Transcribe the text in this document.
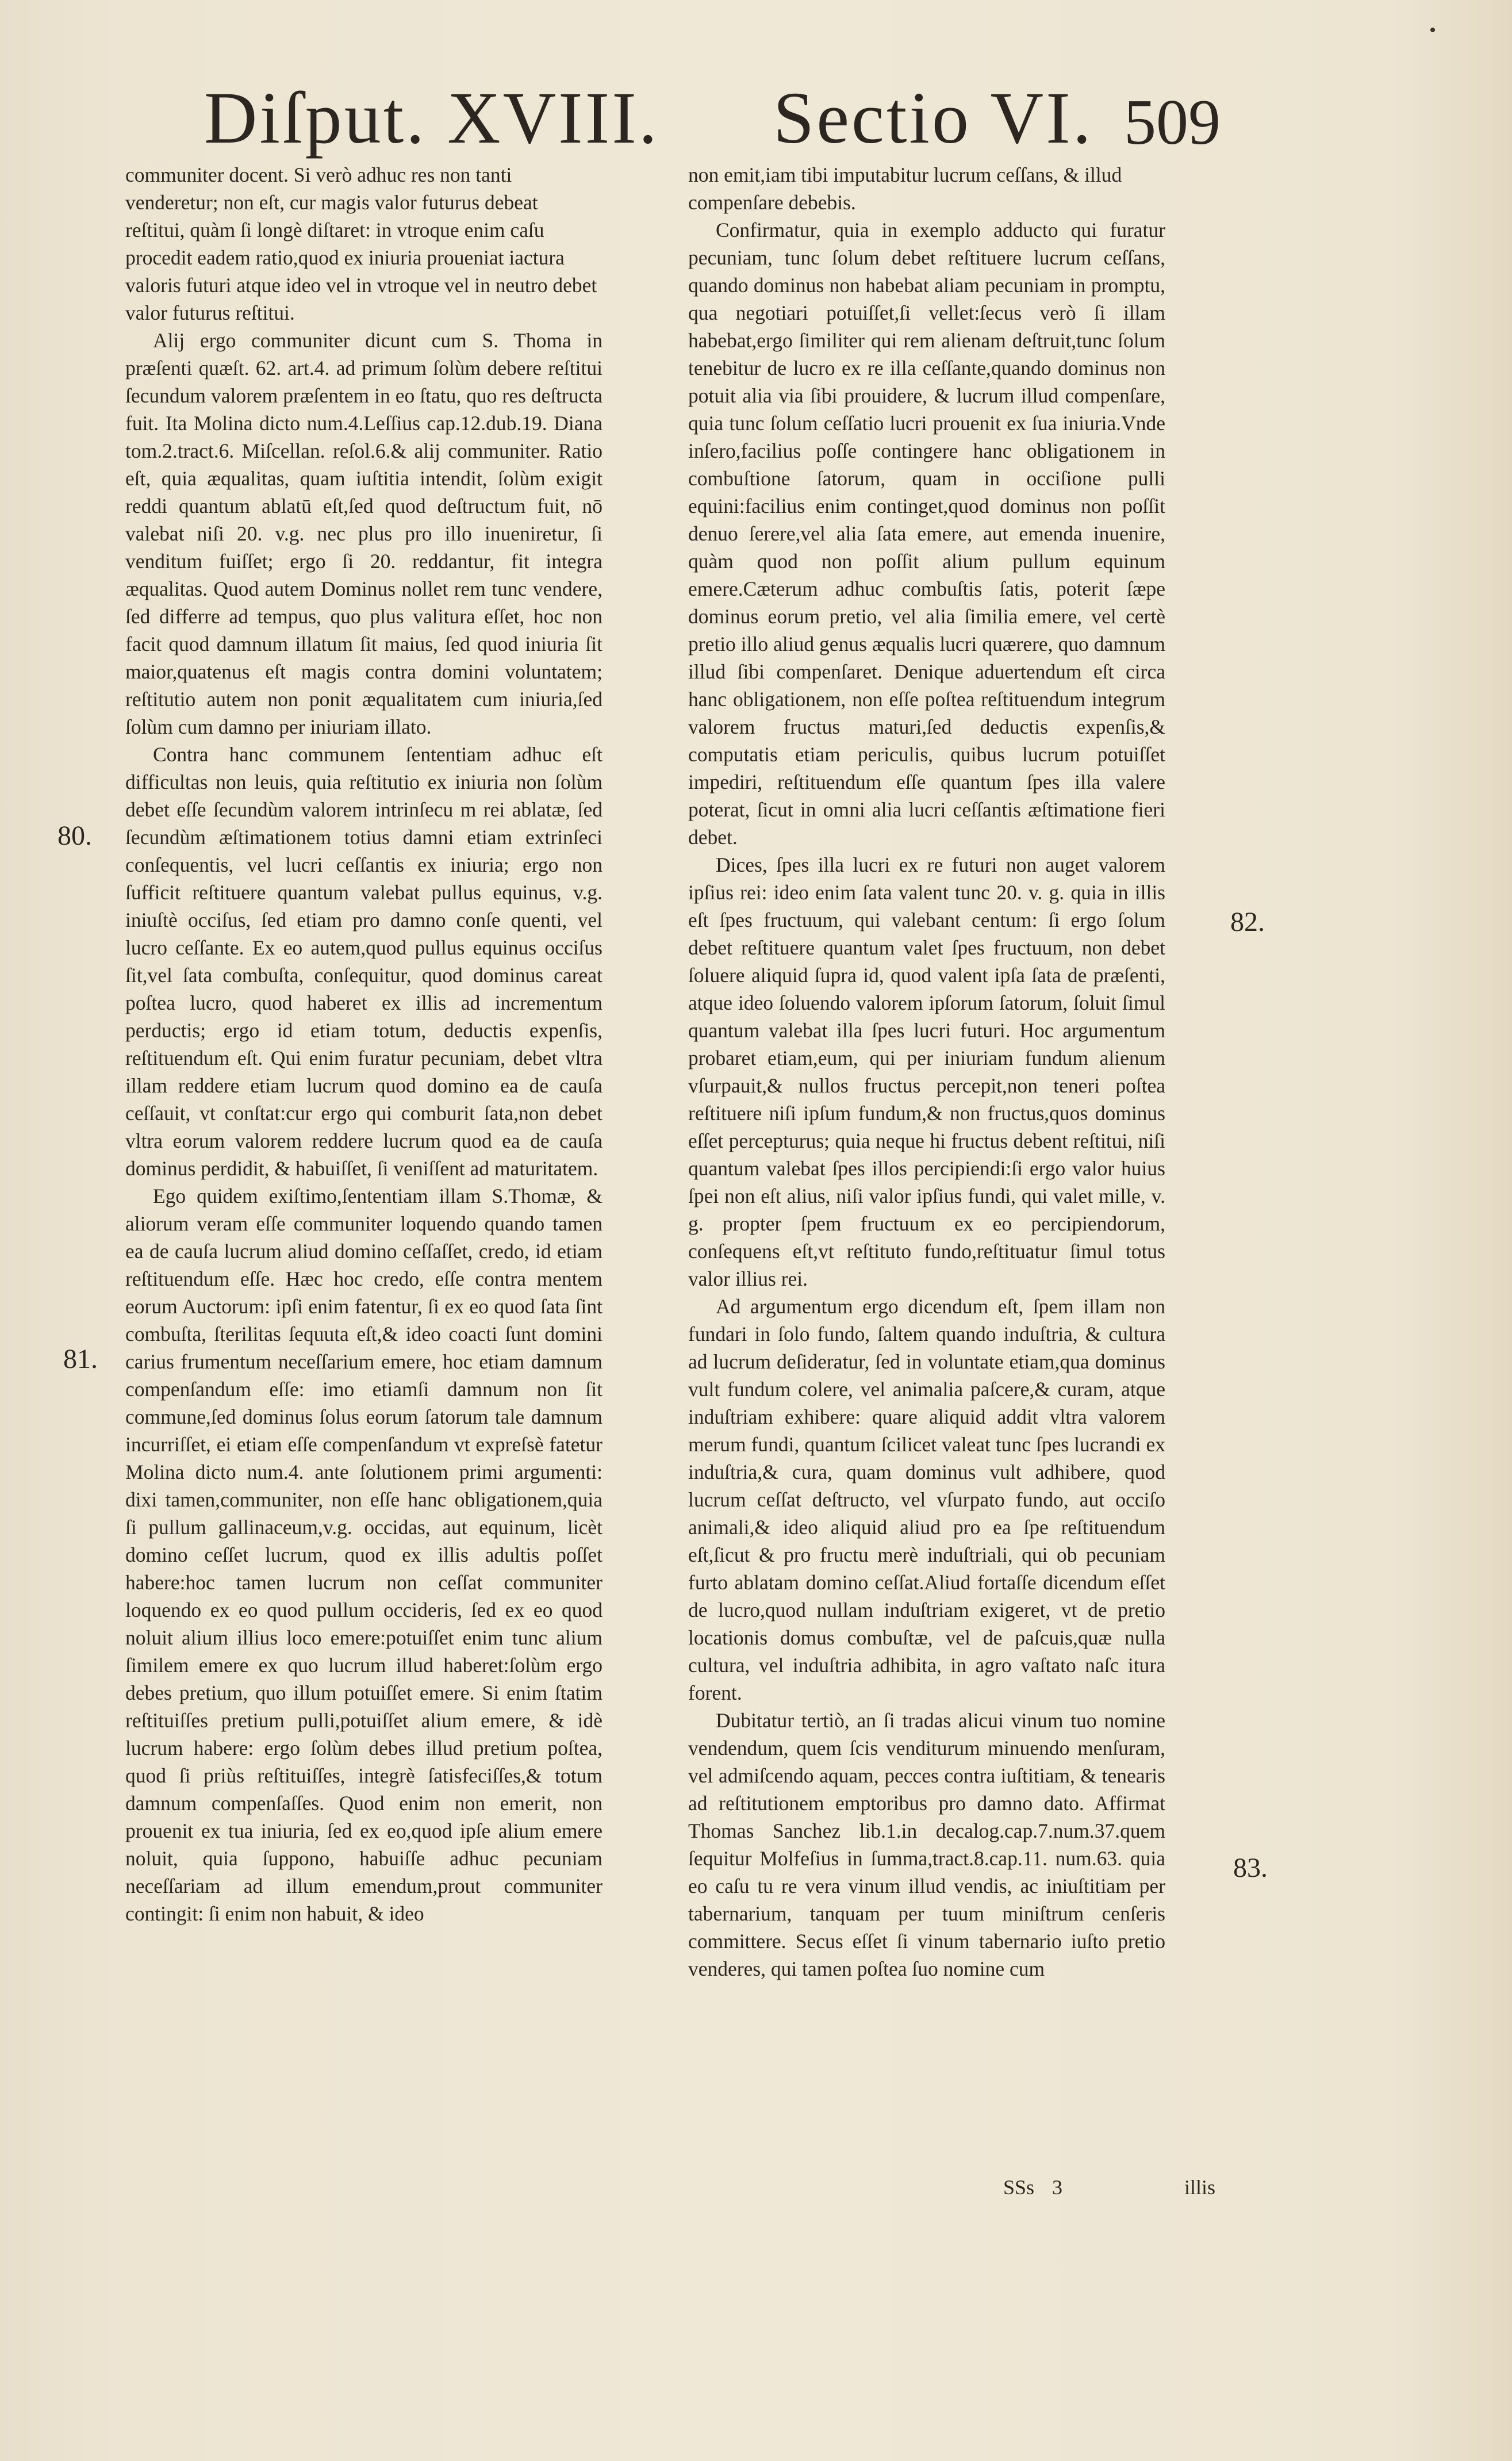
Diſput. XVIII. Sectio VI. 509

communiter docent. Si verò adhuc res non tanti venderetur; non eſt, cur magis valor futurus debeat reſtitui, quàm ſi longè diſtaret: in vtroque enim caſu procedit eadem ratio,quod ex iniuria proueniat iactura valoris futuri atque ideo vel in vtroque vel in neutro debet valor futurus reſtitui.

Alij ergo communiter dicunt cum S. Thoma in præſenti quæſt. 62. art.4. ad primum ſolùm debere reſtitui ſecundum valorem præſentem in eo ſtatu, quo res deſtructa fuit. Ita Molina dicto num.4.Leſſius cap.12.dub.19. Diana tom.2.tract.6. Miſcellan. reſol.6.& alij communiter. Ratio eſt, quia æqualitas, quam iuſtitia intendit, ſolùm exigit reddi quantum ablatū eſt,ſed quod deſtructum fuit, nō valebat niſi 20. v.g. nec plus pro illo inueniretur, ſi venditum fuiſſet; ergo ſi 20. reddantur, fit integra æqualitas. Quod autem Dominus nollet rem tunc vendere, ſed differre ad tempus, quo plus valitura eſſet, hoc non facit quod damnum illatum ſit maius, ſed quod iniuria ſit maior,quatenus eſt magis contra domini voluntatem; reſtitutio autem non ponit æqualitatem cum iniuria,ſed ſolùm cum damno per iniuriam illato.

Contra hanc communem ſententiam adhuc eſt difficultas non leuis, quia reſtitutio ex iniuria non ſolùm debet eſſe ſecundùm valorem intrinſecu m rei ablatæ, ſed ſecundùm æſtimationem totius damni etiam extrinſeci conſequentis, vel lucri ceſſantis ex iniuria; ergo non ſufficit reſtituere quantum valebat pullus equinus, v.g. iniuſtè occiſus, ſed etiam pro damno conſe quenti, vel lucro ceſſante. Ex eo autem,quod pullus equinus occiſus ſit,vel ſata combuſta, conſequitur, quod dominus careat poſtea lucro, quod haberet ex illis ad incrementum perductis; ergo id etiam totum, deductis expenſis, reſtituendum eſt. Qui enim furatur pecuniam, debet vltra illam reddere etiam lucrum quod domino ea de cauſa ceſſauit, vt conſtat:cur ergo qui comburit ſata,non debet vltra eorum valorem reddere lucrum quod ea de cauſa dominus perdidit, & habuiſſet, ſi veniſſent ad maturitatem.

Ego quidem exiſtimo,ſententiam illam S.Thomæ, & aliorum veram eſſe communiter loquendo quando tamen ea de cauſa lucrum aliud domino ceſſaſſet, credo, id etiam reſtituendum eſſe. Hæc hoc credo, eſſe contra mentem eorum Auctorum: ipſi enim fatentur, ſi ex eo quod ſata ſint combuſta, ſterilitas ſequuta eſt,& ideo coacti ſunt domini carius frumentum neceſſarium emere, hoc etiam damnum compenſandum eſſe: imo etiamſi damnum non ſit commune,ſed dominus ſolus eorum ſatorum tale damnum incurriſſet, ei etiam eſſe compenſandum vt expreſsè fatetur Molina dicto num.4. ante ſolutionem primi argumenti: dixi tamen,communiter, non eſſe hanc obligationem,quia ſi pullum gallinaceum,v.g. occidas, aut equinum, licèt domino ceſſet lucrum, quod ex illis adultis poſſet habere:hoc tamen lucrum non ceſſat communiter loquendo ex eo quod pullum occideris, ſed ex eo quod noluit alium illius loco emere:potuiſſet enim tunc alium ſimilem emere ex quo lucrum illud haberet:ſolùm ergo debes pretium, quo illum potuiſſet emere. Si enim ſtatim reſtituiſſes pretium pulli,potuiſſet alium emere, & idè lucrum habere: ergo ſolùm debes illud pretium poſtea, quod ſi priùs reſtituiſſes, integrè ſatisfeciſſes,& totum damnum compenſaſſes. Quod enim non emerit, non prouenit ex tua iniuria, ſed ex eo,quod ipſe alium emere noluit, quia ſuppono, habuiſſe adhuc pecuniam neceſſariam ad illum emendum,prout communiter contingit: ſi enim non habuit, & ideo

non emit,iam tibi imputabitur lucrum ceſſans, & illud compenſare debebis.

Confirmatur, quia in exemplo adducto qui furatur pecuniam, tunc ſolum debet reſtituere lucrum ceſſans, quando dominus non habebat aliam pecuniam in promptu, qua negotiari potuiſſet,ſi vellet:ſecus verò ſi illam habebat,ergo ſimiliter qui rem alienam deſtruit,tunc ſolum tenebitur de lucro ex re illa ceſſante,quando dominus non potuit alia via ſibi prouidere, & lucrum illud compenſare, quia tunc ſolum ceſſatio lucri prouenit ex ſua iniuria.Vnde inſero,facilius poſſe contingere hanc obligationem in combuſtione ſatorum, quam in occiſione pulli equini:facilius enim continget,quod dominus non poſſit denuo ſerere,vel alia ſata emere, aut emenda inuenire, quàm quod non poſſit alium pullum equinum emere.Cæterum adhuc combuſtis ſatis, poterit ſæpe dominus eorum pretio, vel alia ſimilia emere, vel certè pretio illo aliud genus æqualis lucri quærere, quo damnum illud ſibi compenſaret. Denique aduertendum eſt circa hanc obligationem, non eſſe poſtea reſtituendum integrum valorem fructus maturi,ſed deductis expenſis,& computatis etiam periculis, quibus lucrum potuiſſet impediri, reſtituendum eſſe quantum ſpes illa valere poterat, ſicut in omni alia lucri ceſſantis æſtimatione fieri debet.

Dices, ſpes illa lucri ex re futuri non auget valorem ipſius rei: ideo enim ſata valent tunc 20. v. g. quia in illis eſt ſpes fructuum, qui valebant centum: ſi ergo ſolum debet reſtituere quantum valet ſpes fructuum, non debet ſoluere aliquid ſupra id, quod valent ipſa ſata de præſenti, atque ideo ſoluendo valorem ipſorum ſatorum, ſoluit ſimul quantum valebat illa ſpes lucri futuri. Hoc argumentum probaret etiam,eum, qui per iniuriam fundum alienum vſurpauit,& nullos fructus percepit,non teneri poſtea reſtituere niſi ipſum fundum,& non fructus,quos dominus eſſet percepturus; quia neque hi fructus debent reſtitui, niſi quantum valebat ſpes illos percipiendi:ſi ergo valor huius ſpei non eſt alius, niſi valor ipſius fundi, qui valet mille, v. g. propter ſpem fructuum ex eo percipiendorum, conſequens eſt,vt reſtituto fundo,reſtituatur ſimul totus valor illius rei.

Ad argumentum ergo dicendum eſt, ſpem illam non fundari in ſolo fundo, ſaltem quando induſtria, & cultura ad lucrum deſideratur, ſed in voluntate etiam,qua dominus vult fundum colere, vel animalia paſcere,& curam, atque induſtriam exhibere: quare aliquid addit vltra valorem merum fundi, quantum ſcilicet valeat tunc ſpes lucrandi ex induſtria,& cura, quam dominus vult adhibere, quod lucrum ceſſat deſtructo, vel vſurpato fundo, aut occiſo animali,& ideo aliquid aliud pro ea ſpe reſtituendum eſt,ſicut & pro fructu merè induſtriali, qui ob pecuniam furto ablatam domino ceſſat.Aliud fortaſſe dicendum eſſet de lucro,quod nullam induſtriam exigeret, vt de pretio locationis domus combuſtæ, vel de paſcuis,quæ nulla cultura, vel induſtria adhibita, in agro vaſtato naſc itura forent.

Dubitatur tertiò, an ſi tradas alicui vinum tuo nomine vendendum, quem ſcis venditurum minuendo menſuram, vel admiſcendo aquam, pecces contra iuſtitiam, & tenearis ad reſtitutionem emptoribus pro damno dato. Affirmat Thomas Sanchez lib.1.in decalog.cap.7.num.37.quem ſequitur Molfeſius in ſumma,tract.8.cap.11. num.63. quia eo caſu tu re vera vinum illud vendis, ac iniuſtitiam per tabernarium, tanquam per tuum miniſtrum cenſeris committere. Secus eſſet ſi vinum tabernario iuſto pretio venderes, qui tamen poſtea ſuo nomine cum

80.
81.
82.
83.
SSs 3	illis
